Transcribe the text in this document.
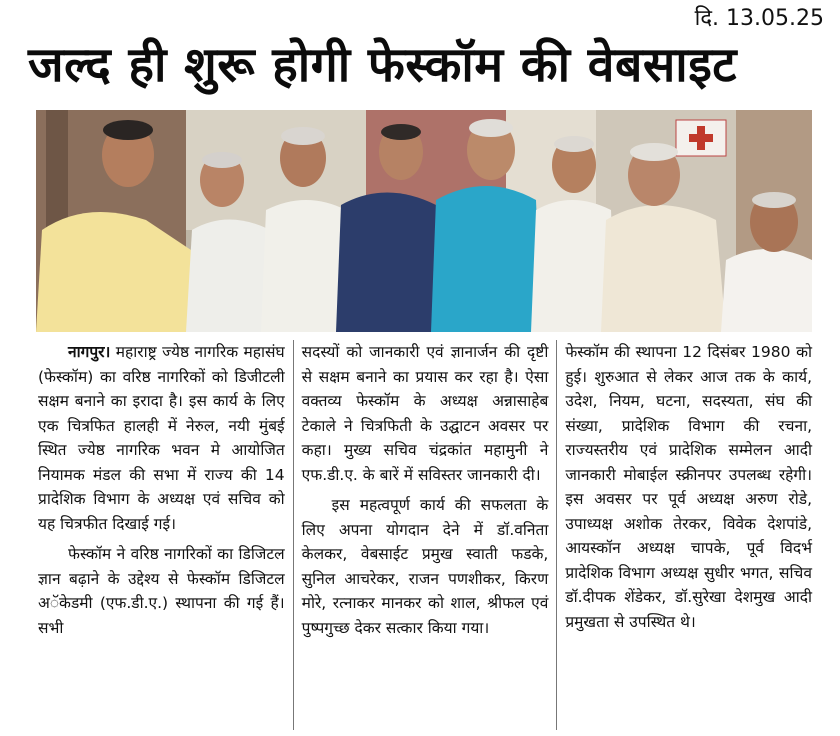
दि. 13.05.25
जल्द ही शुरू होगी फेस्कॉम की वेबसाइट

नागपुर। महाराष्ट्र ज्येष्ठ नागरिक महासंघ (फेस्कॉम) का वरिष्ठ नागरिकों को डिजीटली सक्षम बनाने का इरादा है। इस कार्य के लिए एक चित्रफित हालही में नेरुल, नयी मुंबई स्थित ज्येष्ठ नागरिक भवन मे आयोजित नियामक मंडल की सभा में राज्य की 14 प्रादेशिक विभाग के अध्यक्ष एवं सचिव को यह चित्रफीत दिखाई गई।

फेस्कॉम ने वरिष्ठ नागरिकों का डिजिटल ज्ञान बढ़ाने के उद्देश्य से फेस्कॉम डिजिटल अॅकेडमी (एफ.डी.ए.) स्थापना की गई हैं। सभी

सदस्यों को जानकारी एवं ज्ञानार्जन की दृष्टी से सक्षम बनाने का प्रयास कर रहा है। ऐसा वक्तव्य फेस्कॉम के अध्यक्ष अन्नासाहेब टेकाले ने चित्रफिती के उद्घाटन अवसर पर कहा। मुख्य सचिव चंद्रकांत महामुनी ने एफ.डी.ए. के बारें में सविस्तर जानकारी दी।

इस महत्वपूर्ण कार्य की सफलता के लिए अपना योगदान देने में डॉ.वनिता केलकर, वेबसाईट प्रमुख स्वाती फडके, सुनिल आचरेकर, राजन पणशीकर, किरण मोरे, रत्नाकर मानकर को शाल, श्रीफल एवं पुष्पगुच्छ देकर सत्कार किया गया।

फेस्कॉम की स्थापना 12 दिसंबर 1980 को हुई। शुरुआत से लेकर आज तक के कार्य, उदेश, नियम, घटना, सदस्यता, संघ की संख्या, प्रादेशिक विभाग की रचना, राज्यस्तरीय एवं प्रादेशिक सम्मेलन आदी जानकारी मोबाईल स्क्रीनपर उपलब्ध रहेगी। इस अवसर पर पूर्व अध्यक्ष अरुण रोडे, उपाध्यक्ष अशोक तेरकर, विवेक देशपांडे, आयस्कॉन अध्यक्ष चापके, पूर्व विदर्भ प्रादेशिक विभाग अध्यक्ष सुधीर भगत, सचिव डॉ.दीपक शेंडेकर, डॉ.सुरेखा देशमुख आदी प्रमुखता से उपस्थित थे।
